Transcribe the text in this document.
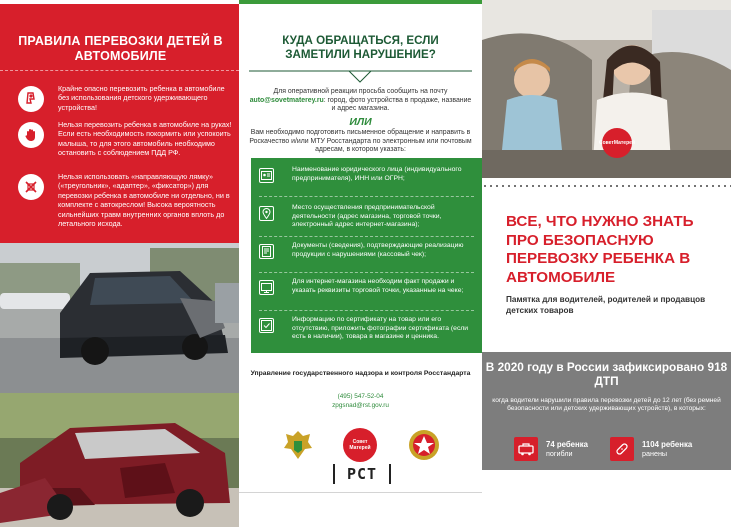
ПРАВИЛА ПЕРЕВОЗКИ ДЕТЕЙ В АВТОМОБИЛЕ
Крайне опасно перевозить ребенка в автомобиле без использования детского удерживающего устройства!
Нельзя перевозить ребенка в автомобиле на руках! Если есть необходимость покормить или успокоить малыша, то для этого автомобиль необходимо остановить с соблюдением ПДД РФ.
Нельзя использовать «направляющую лямку» («треугольник», «адаптер», «фиксатор») для перевозки ребенка в автомобиле ни отдельно, ни в комплекте с автокреслом! Высока вероятность сильнейших травм внутренних органов вплоть до летального исхода.
КУДА ОБРАЩАТЬСЯ, ЕСЛИ ЗАМЕТИЛИ НАРУШЕНИЕ?
Для оперативной реакции просьба сообщить на почту
auto@sovetmaterey.ru: город, фото устройства в продаже, название и адрес магазина.
ИЛИ
Вам необходимо подготовить письменное обращение и направить в Роскачество и/или МТУ Росстандарта по электронным или почтовым адресам, в котором указать:
Наименование юридического лица (индивидуального предпринимателя), ИНН или ОГРН;
Место осуществления предпринимательской деятельности (адрес магазина, торговой точки, электронный адрес интернет-магазина);
Документы (сведения), подтверждающие реализацию продукции с нарушениями (кассовый чек);
Для интернет-магазина необходим факт продажи и указать реквизиты торговой точки, указанные на чеке;
Информацию по сертификату на товар или его отсутствию, приложить фотографии сертификата (если есть в наличии), товара в магазине и ценника.
Управление государственного надзора и контроля Росстандарта
(495) 547-52-04
zpgsnad@rst.gov.ru
Совет
Матерей
РСТ
Совет Матерей
ВСЕ, ЧТО НУЖНО ЗНАТЬ ПРО БЕЗОПАСНУЮ ПЕРЕВОЗКУ РЕБЕНКА В АВТОМОБИЛЕ
Памятка для водителей, родителей и продавцов детских товаров
В 2020 году в России зафиксировано 918 ДТП
когда водители нарушили правила перевозки детей до 12 лет (без ремней безопасности или детских удерживающих устройств), в которых:
74 ребенка
погибли
1104 ребенка
ранены
